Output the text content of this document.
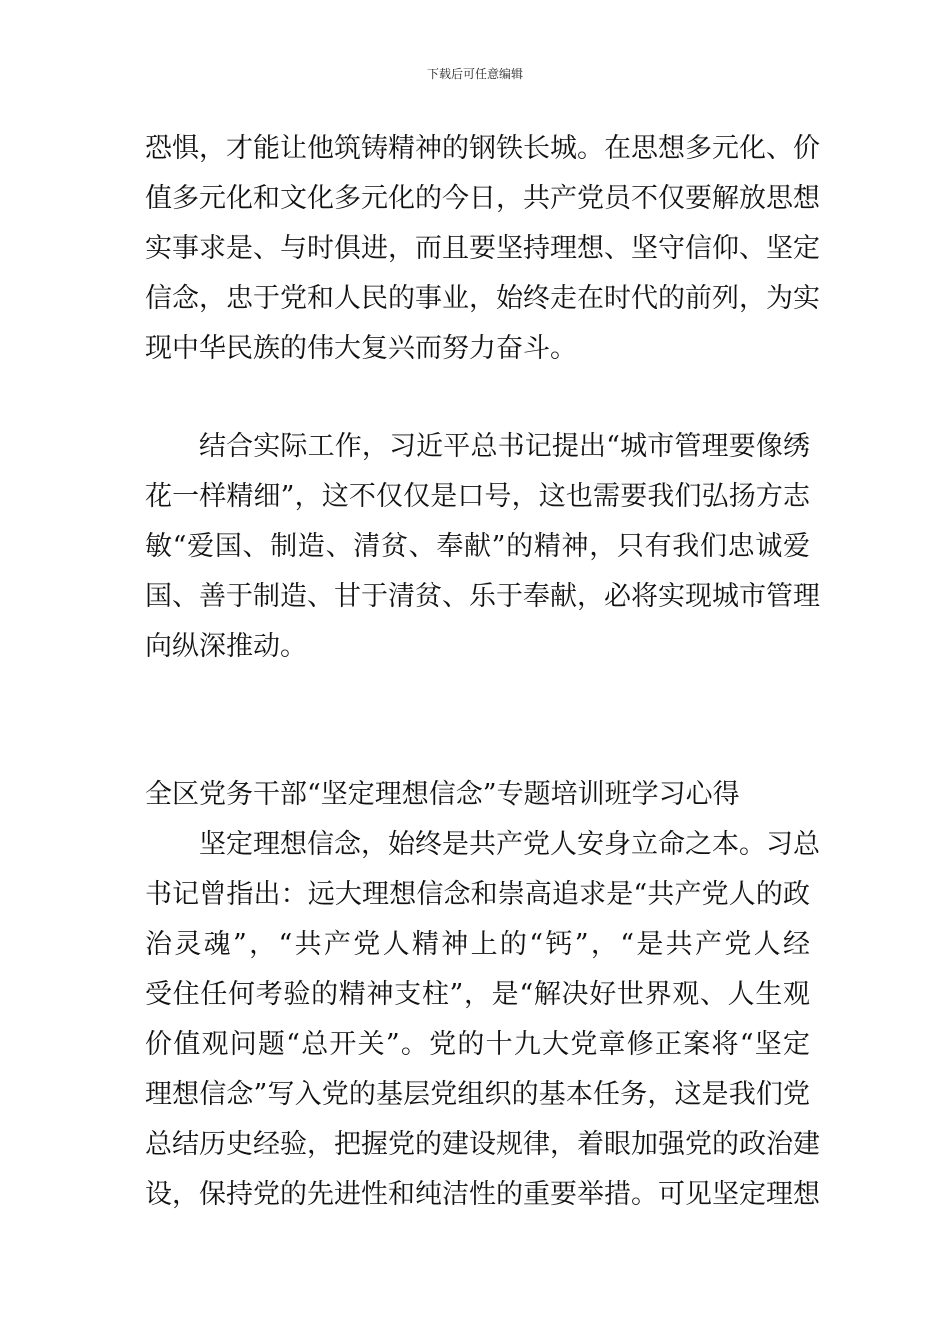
下载后可任意编辑
恐惧，才能让他筑铸精神的钢铁长城。在思想多元化、价
值多元化和文化多元化的今日，共产党员不仅要解放思想
实事求是、与时俱进，而且要坚持理想、坚守信仰、坚定
信念，忠于党和人民的事业，始终走在时代的前列，为实
现中华民族的伟大复兴而努力奋斗。
结合实际工作，习近平总书记提出“城市管理要像绣
花一样精细”，这不仅仅是口号，这也需要我们弘扬方志
敏“爱国、制造、清贫、奉献”的精神，只有我们忠诚爱
国、善于制造、甘于清贫、乐于奉献，必将实现城市管理
向纵深推动。
全区党务干部“坚定理想信念”专题培训班学习心得
坚定理想信念，始终是共产党人安身立命之本。习总
书记曾指出：远大理想信念和崇高追求是“共产党人的政
治灵魂”，“共产党人精神上的“钙”，“是共产党人经
受住任何考验的精神支柱”，是“解决好世界观、人生观
价值观问题“总开关”。党的十九大党章修正案将“坚定
理想信念”写入党的基层党组织的基本任务，这是我们党
总结历史经验，把握党的建设规律，着眼加强党的政治建
设，保持党的先进性和纯洁性的重要举措。可见坚定理想
